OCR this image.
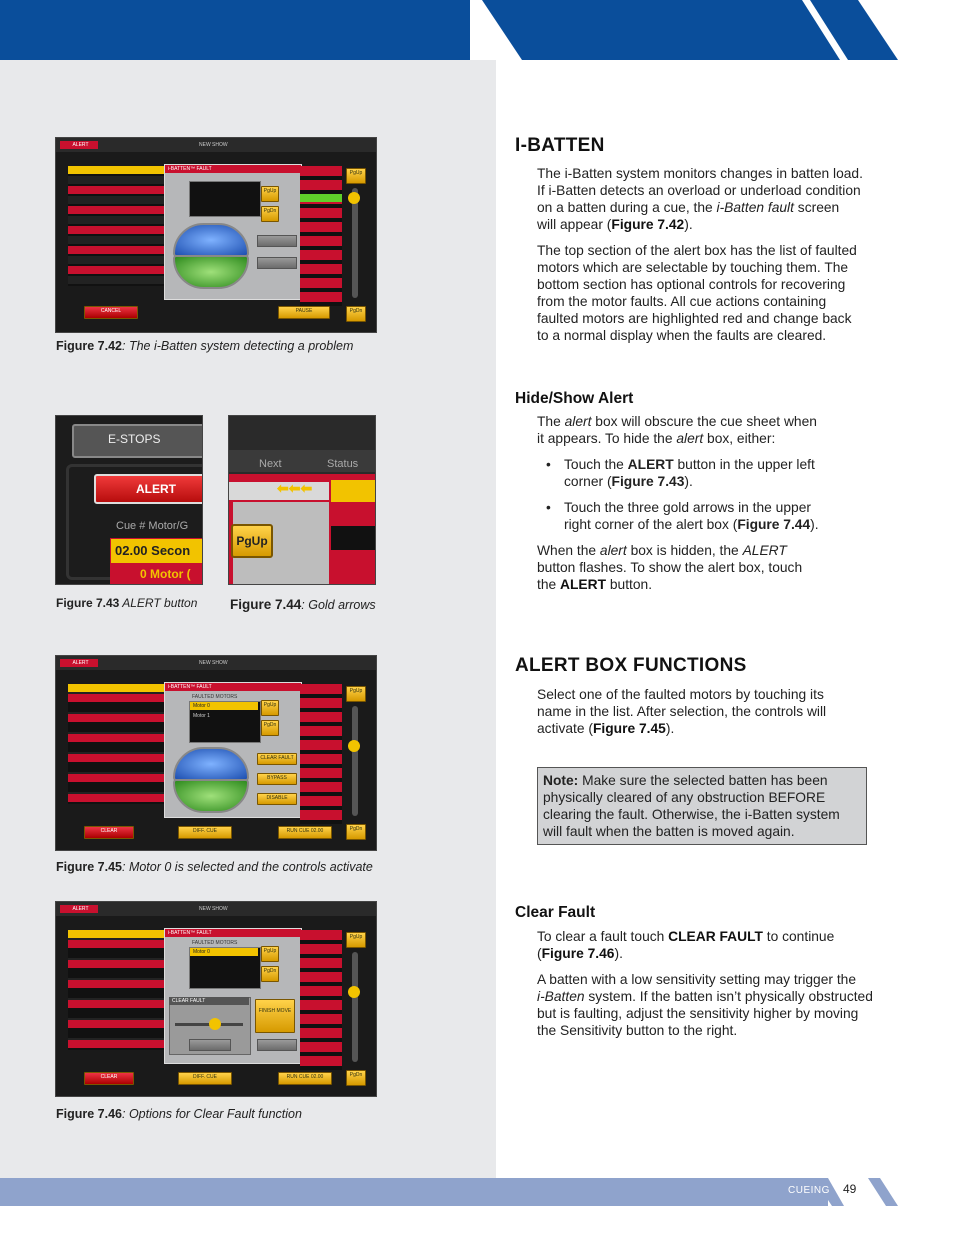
ALERT	NEW SHOW
i-BATTEN™ FAULT
PgUp
PgDn
PgUp
PgDn
CANCEL	PAUSE
Figure 7.42: The i-Batten system detecting a problem
E-STOPS
ALERT
Cue # Motor/G
02.00 Secon
0 Motor (
Figure 7.43 ALERT button
Next	Status
⬅⬅⬅
PgUp
Figure 7.44: Gold arrows
ALERT	NEW SHOW
i-BATTEN™ FAULT
FAULTED MOTORS
Motor 0
Motor 1
CLEAR FAULT
BYPASS
DISABLE
PgUp
PgDn
PgUp
PgDn
CLEAR	DIFF. CUE	RUN CUE 02.00
Figure 7.45: Motor 0 is selected and the controls activate
ALERT	NEW SHOW
i-BATTEN™ FAULT
FAULTED MOTORS
Motor 0
CLEAR FAULT
FINISH MOVE
PgUp
PgDn
PgUp
PgDn
CLEAR	DIFF. CUE	RUN CUE 02.00
Figure 7.46: Options for Clear Fault function
I-BATTEN

The i-Batten system monitors changes in batten load.
If i-Batten detects an overload or underload condition
on a batten during a cue, the i-Batten fault screen
will appear (Figure 7.42).

The top section of the alert box has the list of faulted
motors which are selectable by touching them. The
bottom section has optional controls for recovering
from the motor faults. All cue actions containing
faulted motors are highlighted red and change back
to a normal display when the faults are cleared.

Hide/Show Alert

The alert box will obscure the cue sheet when
it appears. To hide the alert box, either:

• Touch the ALERT button in the upper left
corner (Figure 7.43).
• Touch the three gold arrows in the upper
right corner of the alert box (Figure 7.44).

When the alert box is hidden, the ALERT
button flashes. To show the alert box, touch
the ALERT button.

ALERT BOX FUNCTIONS

Select one of the faulted motors by touching its
name in the list. After selection, the controls will
activate (Figure 7.45).

Note: Make sure the selected batten has been
physically cleared of any obstruction BEFORE
clearing the fault. Otherwise, the i-Batten system
will fault when the batten is moved again.
Clear Fault

To clear a fault touch CLEAR FAULT to continue
(Figure 7.46).

A batten with a low sensitivity setting may trigger the
i-Batten system. If the batten isn’t physically obstructed
but is faulting, adjust the sensitivity higher by moving
the Sensitivity button to the right.

CUEING 49
